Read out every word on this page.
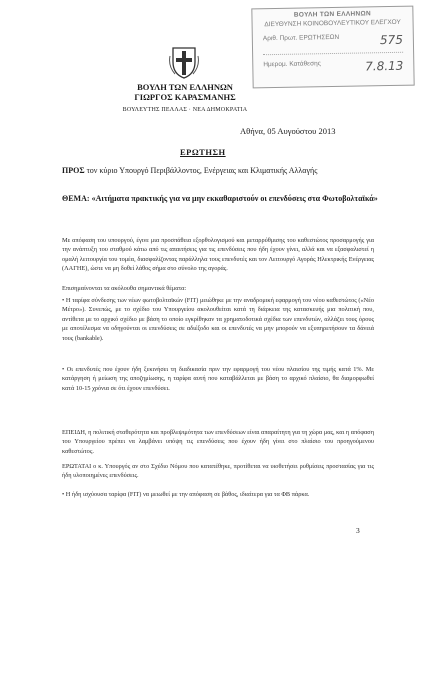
ΒΟΥΛΗ ΤΩΝ ΕΛΛΗΝΩΝ
ΔΙΕΥΘΥΝΣΗ ΚΟΙΝΟΒΟΥΛΕΥΤΙΚΟΥ ΕΛΕΓΧΟΥ
Αριθ. Πρωτ. ΕΡΩΤΗΣΕΩΝ	575
Ημερομ. Κατάθεσης	7.8.13
ΒΟΥΛΗ ΤΩΝ ΕΛΛΗΝΩΝ
ΓΙΩΡΓΟΣ ΚΑΡΑΣΜΑΝΗΣ
ΒΟΥΛΕΥΤΗΣ ΠΕΛΛΑΣ · ΝΕΑ ΔΗΜΟΚΡΑΤΙΑ
Αθήνα, 05 Αυγούστου 2013
ΕΡΩΤΗΣΗ
ΠΡΟΣ τον κύριο Υπουργό Περιβάλλοντος, Ενέργειας και Κλιματικής Αλλαγής
ΘΕΜΑ: «Αιτήματα πρακτικής για να μην εκκαθαριστούν οι επενδύσεις στα Φωτοβολταϊκά»
Με απόφαση του υπουργού, έγινε μια προσπάθεια εξορθολογισμού και μεταρρύθμισης του καθεστώτος προσαρμογής για την ανάπτυξη του σταθμού κάτω από τις απαιτήσεις για τις επενδύσεις που ήδη έχουν γίνει, αλλά και να εξασφαλιστεί η ομαλή λειτουργία του τομέα, διασφαλίζοντας παράλληλα τους επενδυτές και τον Λειτουργό Αγοράς Ηλεκτρικής Ενέργειας (ΛΑΓΗΕ), ώστε να μη δοθεί λάθος σήμα στο σύνολο της αγοράς.
Επισημαίνονται τα ακόλουθα σημαντικά θέματα:
• Η ταρίφα σύνδεσης των νέων φωτοβολταϊκών (FIT) μειώθηκε με την αναδρομική εφαρμογή του νέου καθεστώτος («Νέο Μέτρο»). Συνεπώς, με το σχέδιο του Υπουργείου ακολουθείται κατά τη διάρκεια της κατασκευής μια πολιτική που, αντίθετα με το αρχικό σχέδιο με βάση το οποίο εγκρίθηκαν τα χρηματοδοτικά σχέδια των επενδυτών, αλλάζει τους όρους με αποτέλεσμα να οδηγούνται οι επενδύσεις σε αδιέξοδο και οι επενδυτές να μην μπορούν να εξυπηρετήσουν τα δάνειά τους (bankable).
• Οι επενδυτές που έχουν ήδη ξεκινήσει τη διαδικασία πριν την εφαρμογή του νέου πλαισίου της τιμής κατά 1%. Με κατάργηση ή μείωση της αποζημίωσης, η ταρίφα αυτή που καταβάλλεται με βάση το αρχικό πλαίσιο, θα διαμορφωθεί κατά 10-15 χρόνια σε ότι έχουν επενδύσει.
ΕΠΕΙΔΗ, η πολιτική σταθερότητα και προβλεψιμότητα των επενδύσεων είναι απαραίτητη για τη χώρα μας, και η απόφαση του Υπουργείου πρέπει να λαμβάνει υπόψη τις επενδύσεις που έχουν ήδη γίνει στο πλαίσιο του προηγούμενου καθεστώτος.
ΕΡΩΤΑΤΑΙ ο κ. Υπουργός αν στο Σχέδιο Νόμου που κατατέθηκε, προτίθεται να υιοθετήσει ρυθμίσεις προστασίας για τις ήδη υλοποιημένες επενδύσεις.
• Η ήδη ισχύουσα ταρίφα (FIT) να μειωθεί με την απόφαση σε βάθος, ιδιαίτερα για τα ΦΒ πάρκα.
3
